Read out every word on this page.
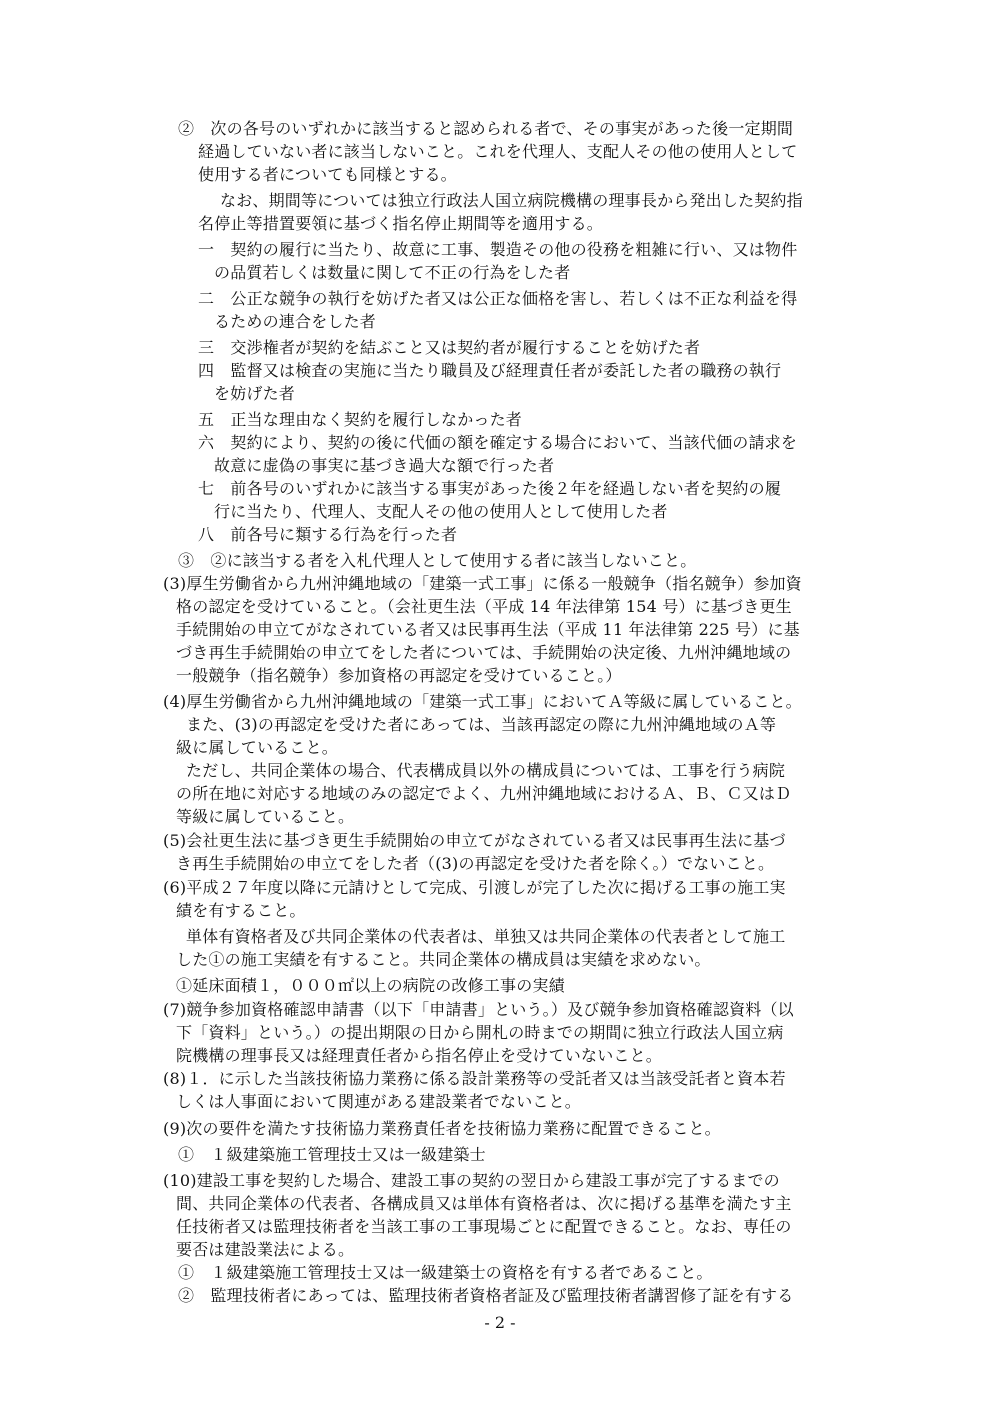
②　次の各号のいずれかに該当すると認められる者で、その事実があった後一定期間
経過していない者に該当しないこと。これを代理人、支配人その他の使用人として
使用する者についても同様とする。
なお、期間等については独立行政法人国立病院機構の理事長から発出した契約指
名停止等措置要領に基づく指名停止期間等を適用する。
一　契約の履行に当たり、故意に工事、製造その他の役務を粗雑に行い、又は物件
の品質若しくは数量に関して不正の行為をした者
二　公正な競争の執行を妨げた者又は公正な価格を害し、若しくは不正な利益を得
るための連合をした者
三　交渉権者が契約を結ぶこと又は契約者が履行することを妨げた者
四　監督又は検査の実施に当たり職員及び経理責任者が委託した者の職務の執行
を妨げた者
五　正当な理由なく契約を履行しなかった者
六　契約により、契約の後に代価の額を確定する場合において、当該代価の請求を
故意に虚偽の事実に基づき過大な額で行った者
七　前各号のいずれかに該当する事実があった後２年を経過しない者を契約の履
行に当たり、代理人、支配人その他の使用人として使用した者
八　前各号に類する行為を行った者
③　②に該当する者を入札代理人として使用する者に該当しないこと。
(3)厚生労働省から九州沖縄地域の「建築一式工事」に係る一般競争（指名競争）参加資
格の認定を受けていること。（会社更生法（平成 14 年法律第 154 号）に基づき更生
手続開始の申立てがなされている者又は民事再生法（平成 11 年法律第 225 号）に基
づき再生手続開始の申立てをした者については、手続開始の決定後、九州沖縄地域の
一般競争（指名競争）参加資格の再認定を受けていること。）
(4)厚生労働省から九州沖縄地域の「建築一式工事」においてＡ等級に属していること。
また、(3)の再認定を受けた者にあっては、当該再認定の際に九州沖縄地域のＡ等
級に属していること。
ただし、共同企業体の場合、代表構成員以外の構成員については、工事を行う病院
の所在地に対応する地域のみの認定でよく、九州沖縄地域におけるＡ、Ｂ、Ｃ又はＤ
等級に属していること。
(5)会社更生法に基づき更生手続開始の申立てがなされている者又は民事再生法に基づ
き再生手続開始の申立てをした者（(3)の再認定を受けた者を除く。）でないこと。
(6)平成２７年度以降に元請けとして完成、引渡しが完了した次に掲げる工事の施工実
績を有すること。
単体有資格者及び共同企業体の代表者は、単独又は共同企業体の代表者として施工
した①の施工実績を有すること。共同企業体の構成員は実績を求めない。
①延床面積１，０００㎡以上の病院の改修工事の実績
(7)競争参加資格確認申請書（以下「申請書」という。）及び競争参加資格確認資料（以
下「資料」という。）の提出期限の日から開札の時までの期間に独立行政法人国立病
院機構の理事長又は経理責任者から指名停止を受けていないこと。
(8)１．に示した当該技術協力業務に係る設計業務等の受託者又は当該受託者と資本若
しくは人事面において関連がある建設業者でないこと。
(9)次の要件を満たす技術協力業務責任者を技術協力業務に配置できること。
①　１級建築施工管理技士又は一級建築士
(10)建設工事を契約した場合、建設工事の契約の翌日から建設工事が完了するまでの
間、共同企業体の代表者、各構成員又は単体有資格者は、次に掲げる基準を満たす主
任技術者又は監理技術者を当該工事の工事現場ごとに配置できること。なお、専任の
要否は建設業法による。
①　１級建築施工管理技士又は一級建築士の資格を有する者であること。
②　監理技術者にあっては、監理技術者資格者証及び監理技術者講習修了証を有する
- 2 -
